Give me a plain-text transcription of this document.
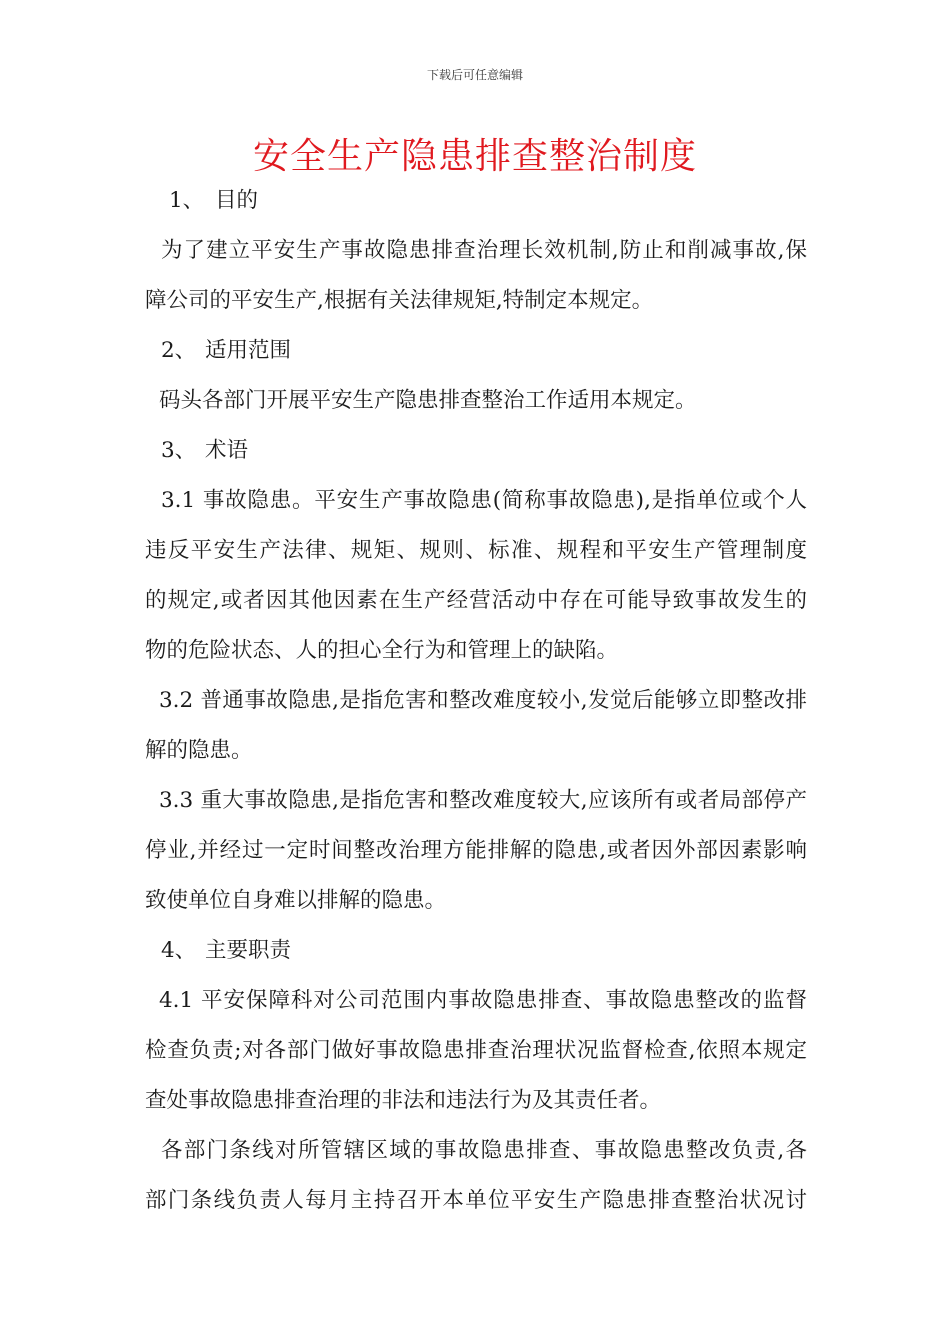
下载后可任意编辑
安全生产隐患排查整治制度
1、 目的
为了建立平安生产事故隐患排查治理长效机制,防止和削减事故,保
障公司的平安生产,根据有关法律规矩,特制定本规定。
2、 适用范围
码头各部门开展平安生产隐患排查整治工作适用本规定。
3、 术语
3.1 事故隐患。平安生产事故隐患(简称事故隐患),是指单位或个人
违反平安生产法律、规矩、规则、标准、规程和平安生产管理制度
的规定,或者因其他因素在生产经营活动中存在可能导致事故发生的
物的危险状态、人的担心全行为和管理上的缺陷。
3.2 普通事故隐患,是指危害和整改难度较小,发觉后能够立即整改排
解的隐患。
3.3 重大事故隐患,是指危害和整改难度较大,应该所有或者局部停产
停业,并经过一定时间整改治理方能排解的隐患,或者因外部因素影响
致使单位自身难以排解的隐患。
4、 主要职责
4.1 平安保障科对公司范围内事故隐患排查、事故隐患整改的监督
检查负责;对各部门做好事故隐患排查治理状况监督检查,依照本规定
查处事故隐患排查治理的非法和违法行为及其责任者。
各部门条线对所管辖区域的事故隐患排查、事故隐患整改负责,各
部门条线负责人每月主持召开本单位平安生产隐患排查整治状况讨
